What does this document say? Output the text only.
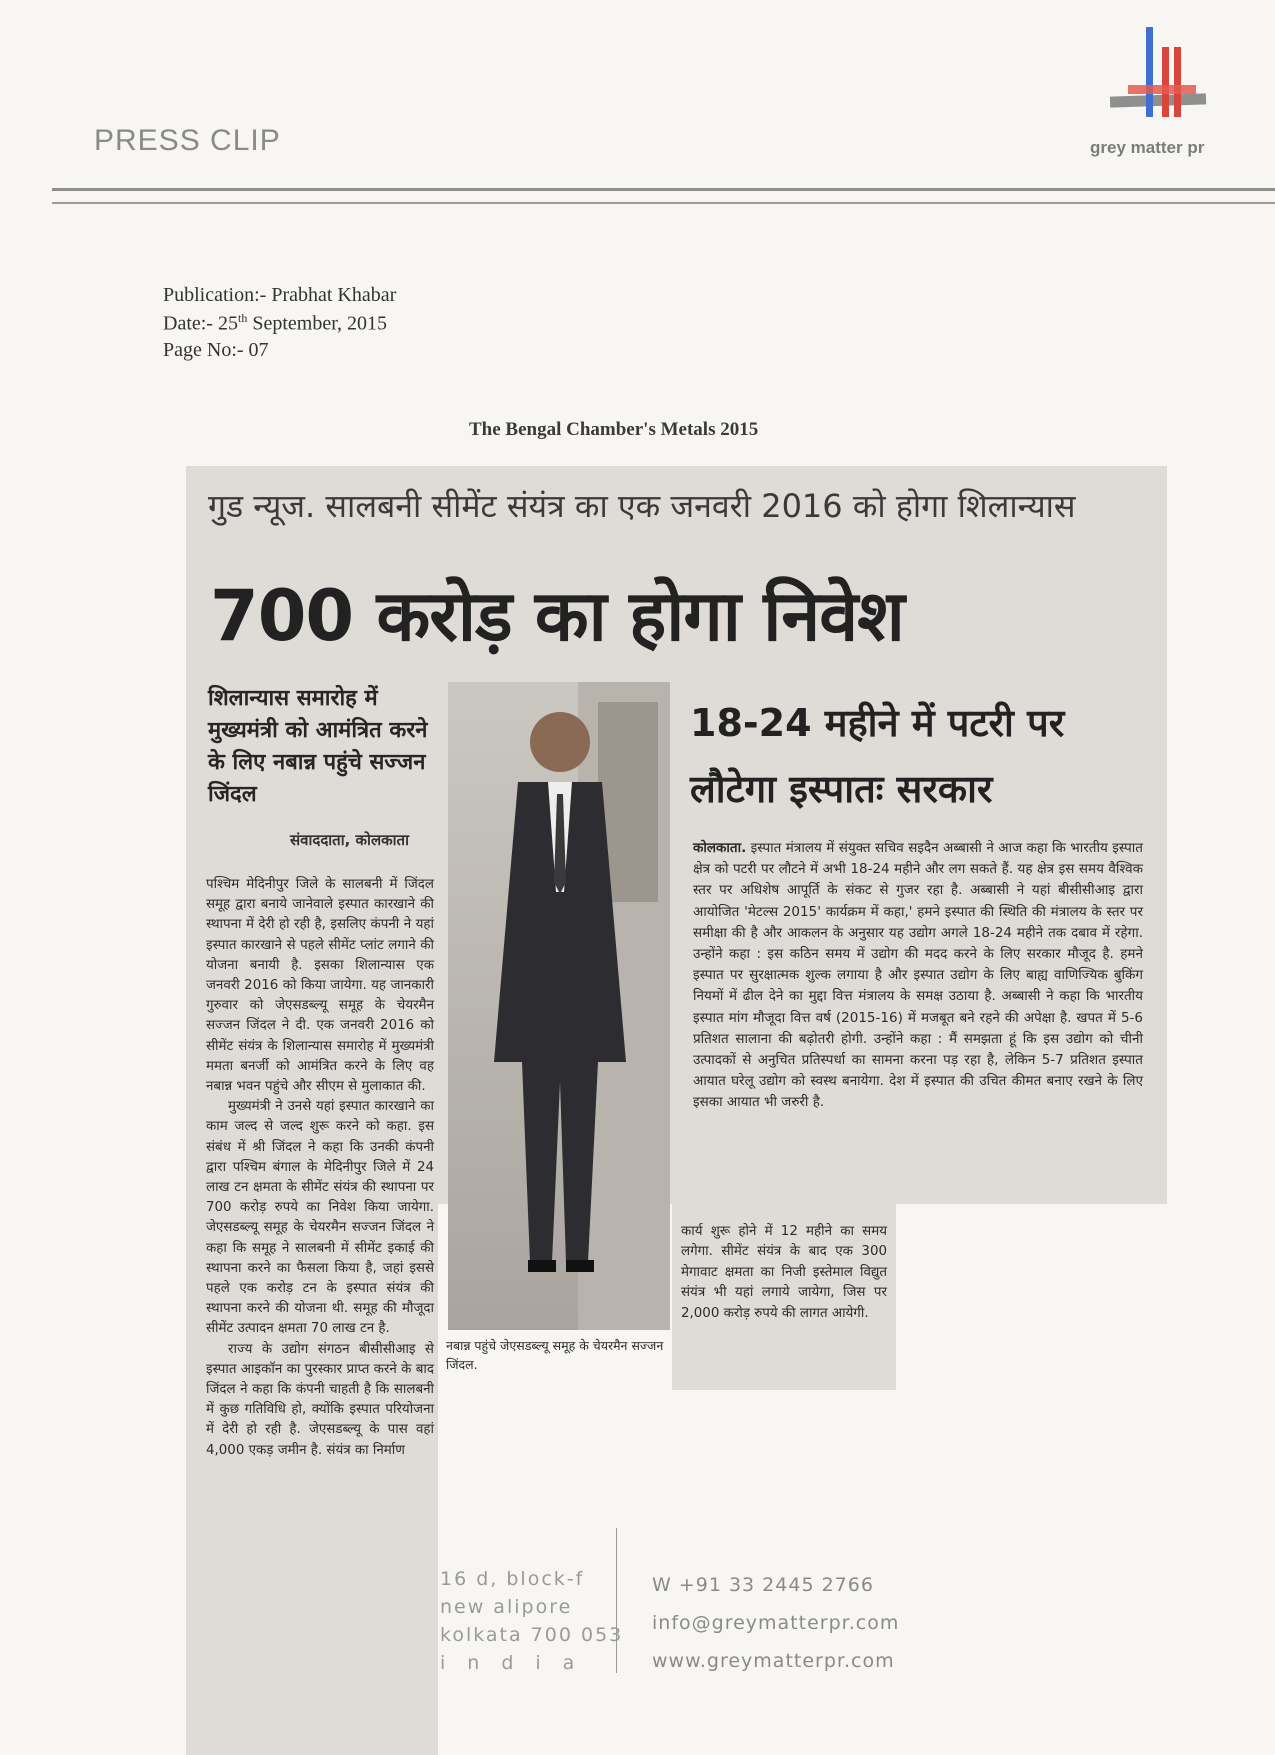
PRESS CLIP	grey matter pr
Publication:- Prabhat Khabar
Date:- 25th September, 2015
Page No:- 07
The Bengal Chamber's Metals 2015
गुड न्यूज. सालबनी सीमेंट संयंत्र का एक जनवरी 2016 को होगा शिलान्यास
700 करोड़ का होगा निवेश
शिलान्यास समारोह में मुख्यमंत्री को आमंत्रित करने के लिए नबान्न पहुंचे सज्जन जिंदल
संवाददाता, कोलकाता

पश्चिम मेदिनीपुर जिले के सालबनी में जिंदल समूह द्वारा बनाये जानेवाले इस्पात कारखाने की स्थापना में देरी हो रही है, इसलिए कंपनी ने यहां इस्पात कारखाने से पहले सीमेंट प्लांट लगाने की योजना बनायी है. इसका शिलान्यास एक जनवरी 2016 को किया जायेगा. यह जानकारी गुरुवार को जेएसडब्ल्यू समूह के चेयरमैन सज्जन जिंदल ने दी. एक जनवरी 2016 को सीमेंट संयंत्र के शिलान्यास समारोह में मुख्यमंत्री ममता बनर्जी को आमंत्रित करने के लिए वह नबान्न भवन पहुंचे और सीएम से मुलाकात की.

मुख्यमंत्री ने उनसे यहां इस्पात कारखाने का काम जल्द से जल्द शुरू करने को कहा. इस संबंध में श्री जिंदल ने कहा कि उनकी कंपनी द्वारा पश्चिम बंगाल के मेदिनीपुर जिले में 24 लाख टन क्षमता के सीमेंट संयंत्र की स्थापना पर 700 करोड़ रुपये का निवेश किया जायेगा. जेएसडब्ल्यू समूह के चेयरमैन सज्जन जिंदल ने कहा कि समूह ने सालबनी में सीमेंट इकाई की स्थापना करने का फैसला किया है, जहां इससे पहले एक करोड़ टन के इस्पात संयंत्र की स्थापना करने की योजना थी. समूह की मौजूदा सीमेंट उत्पादन क्षमता 70 लाख टन है.

राज्य के उद्योग संगठन बीसीसीआइ से इस्पात आइकॉन का पुरस्कार प्राप्त करने के बाद जिंदल ने कहा कि कंपनी चाहती है कि सालबनी में कुछ गतिविधि हो, क्योंकि इस्पात परियोजना में देरी हो रही है. जेएसडब्ल्यू के पास वहां 4,000 एकड़ जमीन है. संयंत्र का निर्माण

नबान्न पहुंचे जेएसडब्ल्यू समूह के चेयरमैन सज्जन जिंदल.
18-24 महीने में पटरी पर लौटेगा इस्पातः सरकार
कोलकाता. इस्पात मंत्रालय में संयुक्त सचिव सइदैन अब्बासी ने आज कहा कि भारतीय इस्पात क्षेत्र को पटरी पर लौटने में अभी 18-24 महीने और लग सकते हैं. यह क्षेत्र इस समय वैश्विक स्तर पर अधिशेष आपूर्ति के संकट से गुजर रहा है. अब्बासी ने यहां बीसीसीआइ द्वारा आयोजित 'मेटल्स 2015' कार्यक्रम में कहा,' हमने इस्पात की स्थिति की मंत्रालय के स्तर पर समीक्षा की है और आकलन के अनुसार यह उद्योग अगले 18-24 महीने तक दबाव में रहेगा. उन्होंने कहा : इस कठिन समय में उद्योग की मदद करने के लिए सरकार मौजूद है. हमने इस्पात पर सुरक्षात्मक शुल्क लगाया है और इस्पात उद्योग के लिए बाह्य वाणिज्यिक बुकिंग नियमों में ढील देने का मुद्दा वित्त मंत्रालय के समक्ष उठाया है. अब्बासी ने कहा कि भारतीय इस्पात मांग मौजूदा वित्त वर्ष (2015-16) में मजबूत बने रहने की अपेक्षा है. खपत में 5-6 प्रतिशत सालाना की बढ़ोतरी होगी. उन्होंने कहा : मैं समझता हूं कि इस उद्योग को चीनी उत्पादकों से अनुचित प्रतिस्पर्धा का सामना करना पड़ रहा है, लेकिन 5-7 प्रतिशत इस्पात आयात घरेलू उद्योग को स्वस्थ बनायेगा. देश में इस्पात की उचित कीमत बनाए रखने के लिए इसका आयात भी जरुरी है.
कार्य शुरू होने में 12 महीने का समय लगेगा. सीमेंट संयंत्र के बाद एक 300 मेगावाट क्षमता का निजी इस्तेमाल विद्युत संयंत्र भी यहां लगाये जायेगा, जिस पर 2,000 करोड़ रुपये की लागत आयेगी.
16 d, block-f
new alipore
kolkata 700 053
india
W +91 33 2445 2766
info@greymatterpr.com
www.greymatterpr.com
